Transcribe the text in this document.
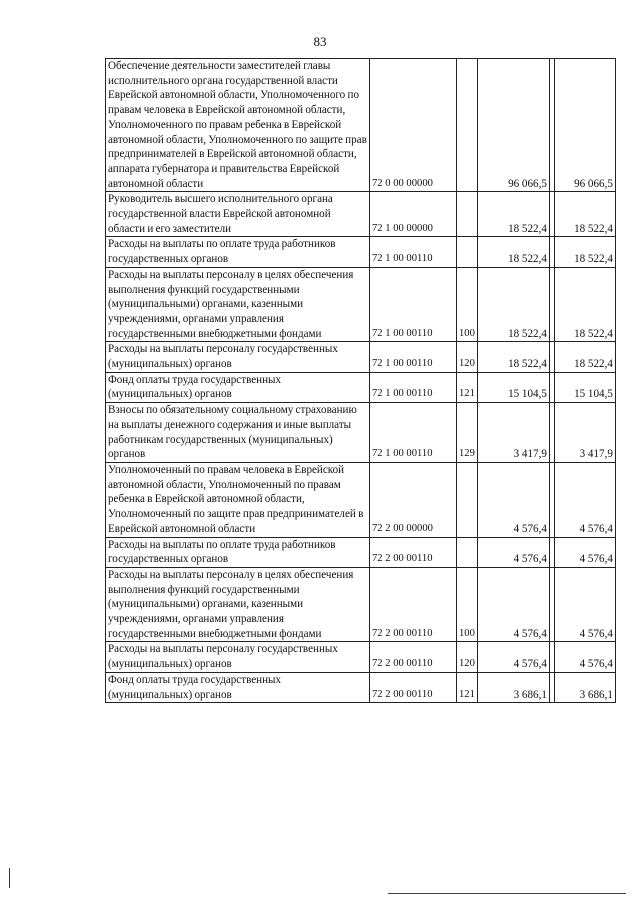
83
Обеспечение деятельности заместителей главы исполнительного органа государственной власти Еврейской автономной области, Уполномоченного по правам человека в Еврейской автономной области, Уполномоченного по правам ребенка в Еврейской автономной области, Уполномоченного по защите прав предпринимателей в Еврейской автономной области, аппарата губернатора и правительства Еврейской автономной области	72 0 00 00000		96 066,5		96 066,5
Руководитель высшего исполнительного органа государственной власти Еврейской автономной области и его заместители	72 1 00 00000		18 522,4		18 522,4
Расходы на выплаты по оплате труда работников государственных органов	72 1 00 00110		18 522,4		18 522,4
Расходы на выплаты персоналу в целях обеспечения выполнения функций государственными (муниципальными) органами, казенными учреждениями, органами управления государственными внебюджетными фондами	72 1 00 00110	100	18 522,4		18 522,4
Расходы на выплаты персоналу государственных (муниципальных) органов	72 1 00 00110	120	18 522,4		18 522,4
Фонд оплаты труда государственных (муниципальных) органов	72 1 00 00110	121	15 104,5		15 104,5
Взносы по обязательному социальному страхованию на выплаты денежного содержания и иные выплаты работникам государственных (муниципальных) органов	72 1 00 00110	129	3 417,9		3 417,9
Уполномоченный по правам человека в Еврейской автономной области, Уполномоченный по правам ребенка в Еврейской автономной области, Уполномоченный по защите прав предпринимателей в Еврейской автономной области	72 2 00 00000		4 576,4		4 576,4
Расходы на выплаты по оплате труда работников государственных органов	72 2 00 00110		4 576,4		4 576,4
Расходы на выплаты персоналу в целях обеспечения выполнения функций государственными (муниципальными) органами, казенными учреждениями, органами управления государственными внебюджетными фондами	72 2 00 00110	100	4 576,4		4 576,4
Расходы на выплаты персоналу государственных (муниципальных) органов	72 2 00 00110	120	4 576,4		4 576,4
Фонд оплаты труда государственных (муниципальных) органов	72 2 00 00110	121	3 686,1		3 686,1
